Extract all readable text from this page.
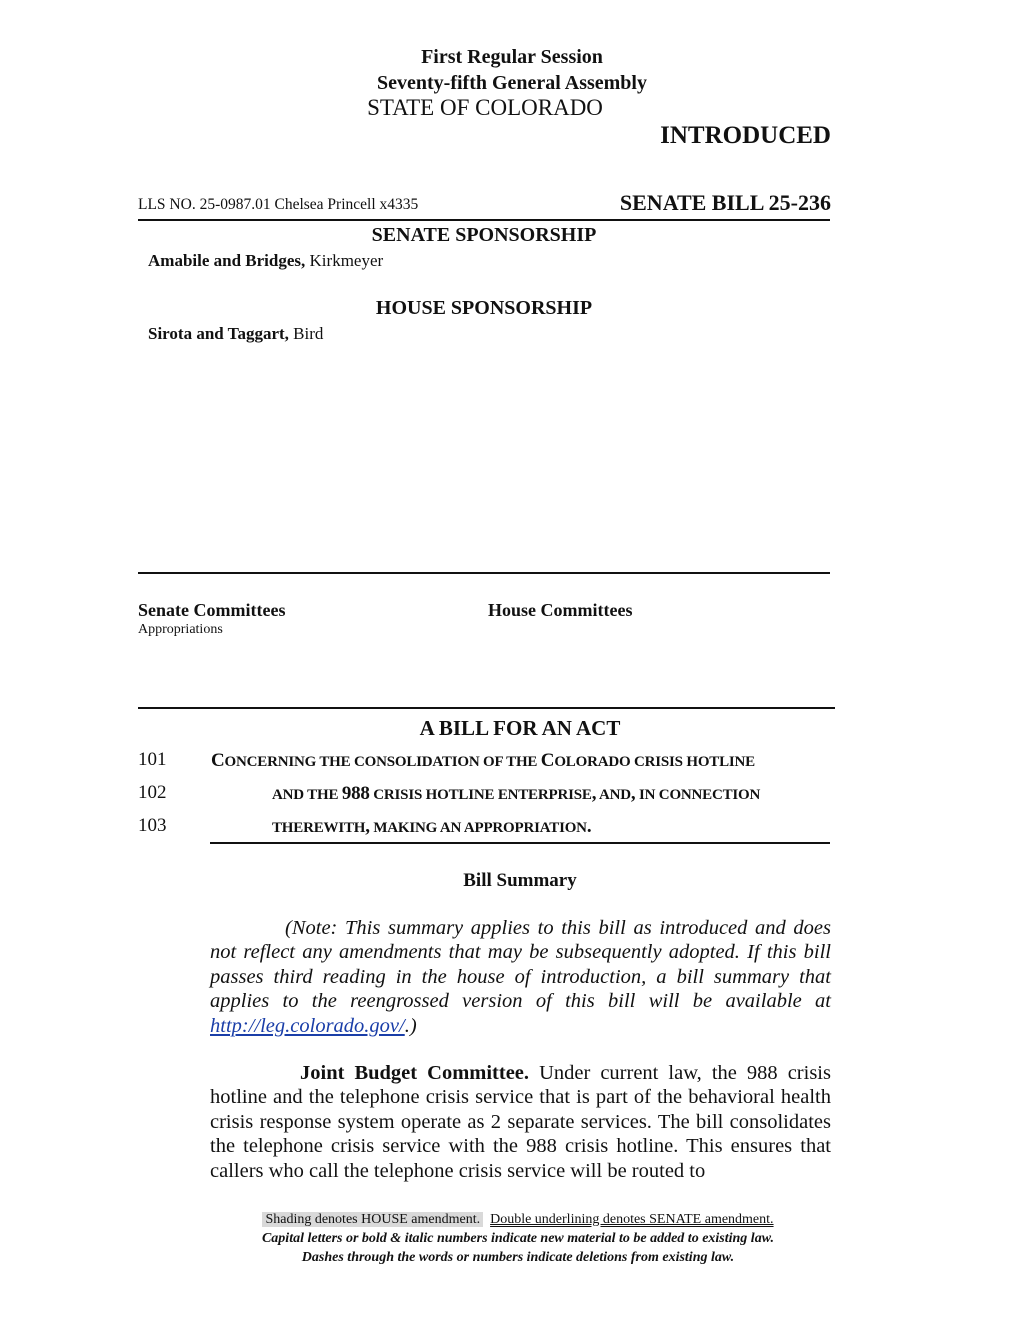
First Regular Session
Seventy-fifth General Assembly
STATE OF COLORADO
INTRODUCED
LLS NO. 25-0987.01 Chelsea Princell x4335	SENATE BILL 25-236
SENATE SPONSORSHIP
Amabile and Bridges, Kirkmeyer
HOUSE SPONSORSHIP
Sirota and Taggart, Bird
Senate Committees
Appropriations
House Committees
A BILL FOR AN ACT
101
102
103
CONCERNING THE CONSOLIDATION OF THE COLORADO CRISIS HOTLINE
AND THE 988 CRISIS HOTLINE ENTERPRISE, AND, IN CONNECTION
THEREWITH, MAKING AN APPROPRIATION.
Bill Summary
(Note: This summary applies to this bill as introduced and does not reflect any amendments that may be subsequently adopted. If this bill passes third reading in the house of introduction, a bill summary that applies to the reengrossed version of this bill will be available at http://leg.colorado.gov/.)
Joint Budget Committee. Under current law, the 988 crisis hotline and the telephone crisis service that is part of the behavioral health crisis response system operate as 2 separate services. The bill consolidates the telephone crisis service with the 988 crisis hotline. This ensures that callers who call the telephone crisis service will be routed to
Shading denotes HOUSE amendment. Double underlining denotes SENATE amendment.
Capital letters or bold & italic numbers indicate new material to be added to existing law.
Dashes through the words or numbers indicate deletions from existing law.
